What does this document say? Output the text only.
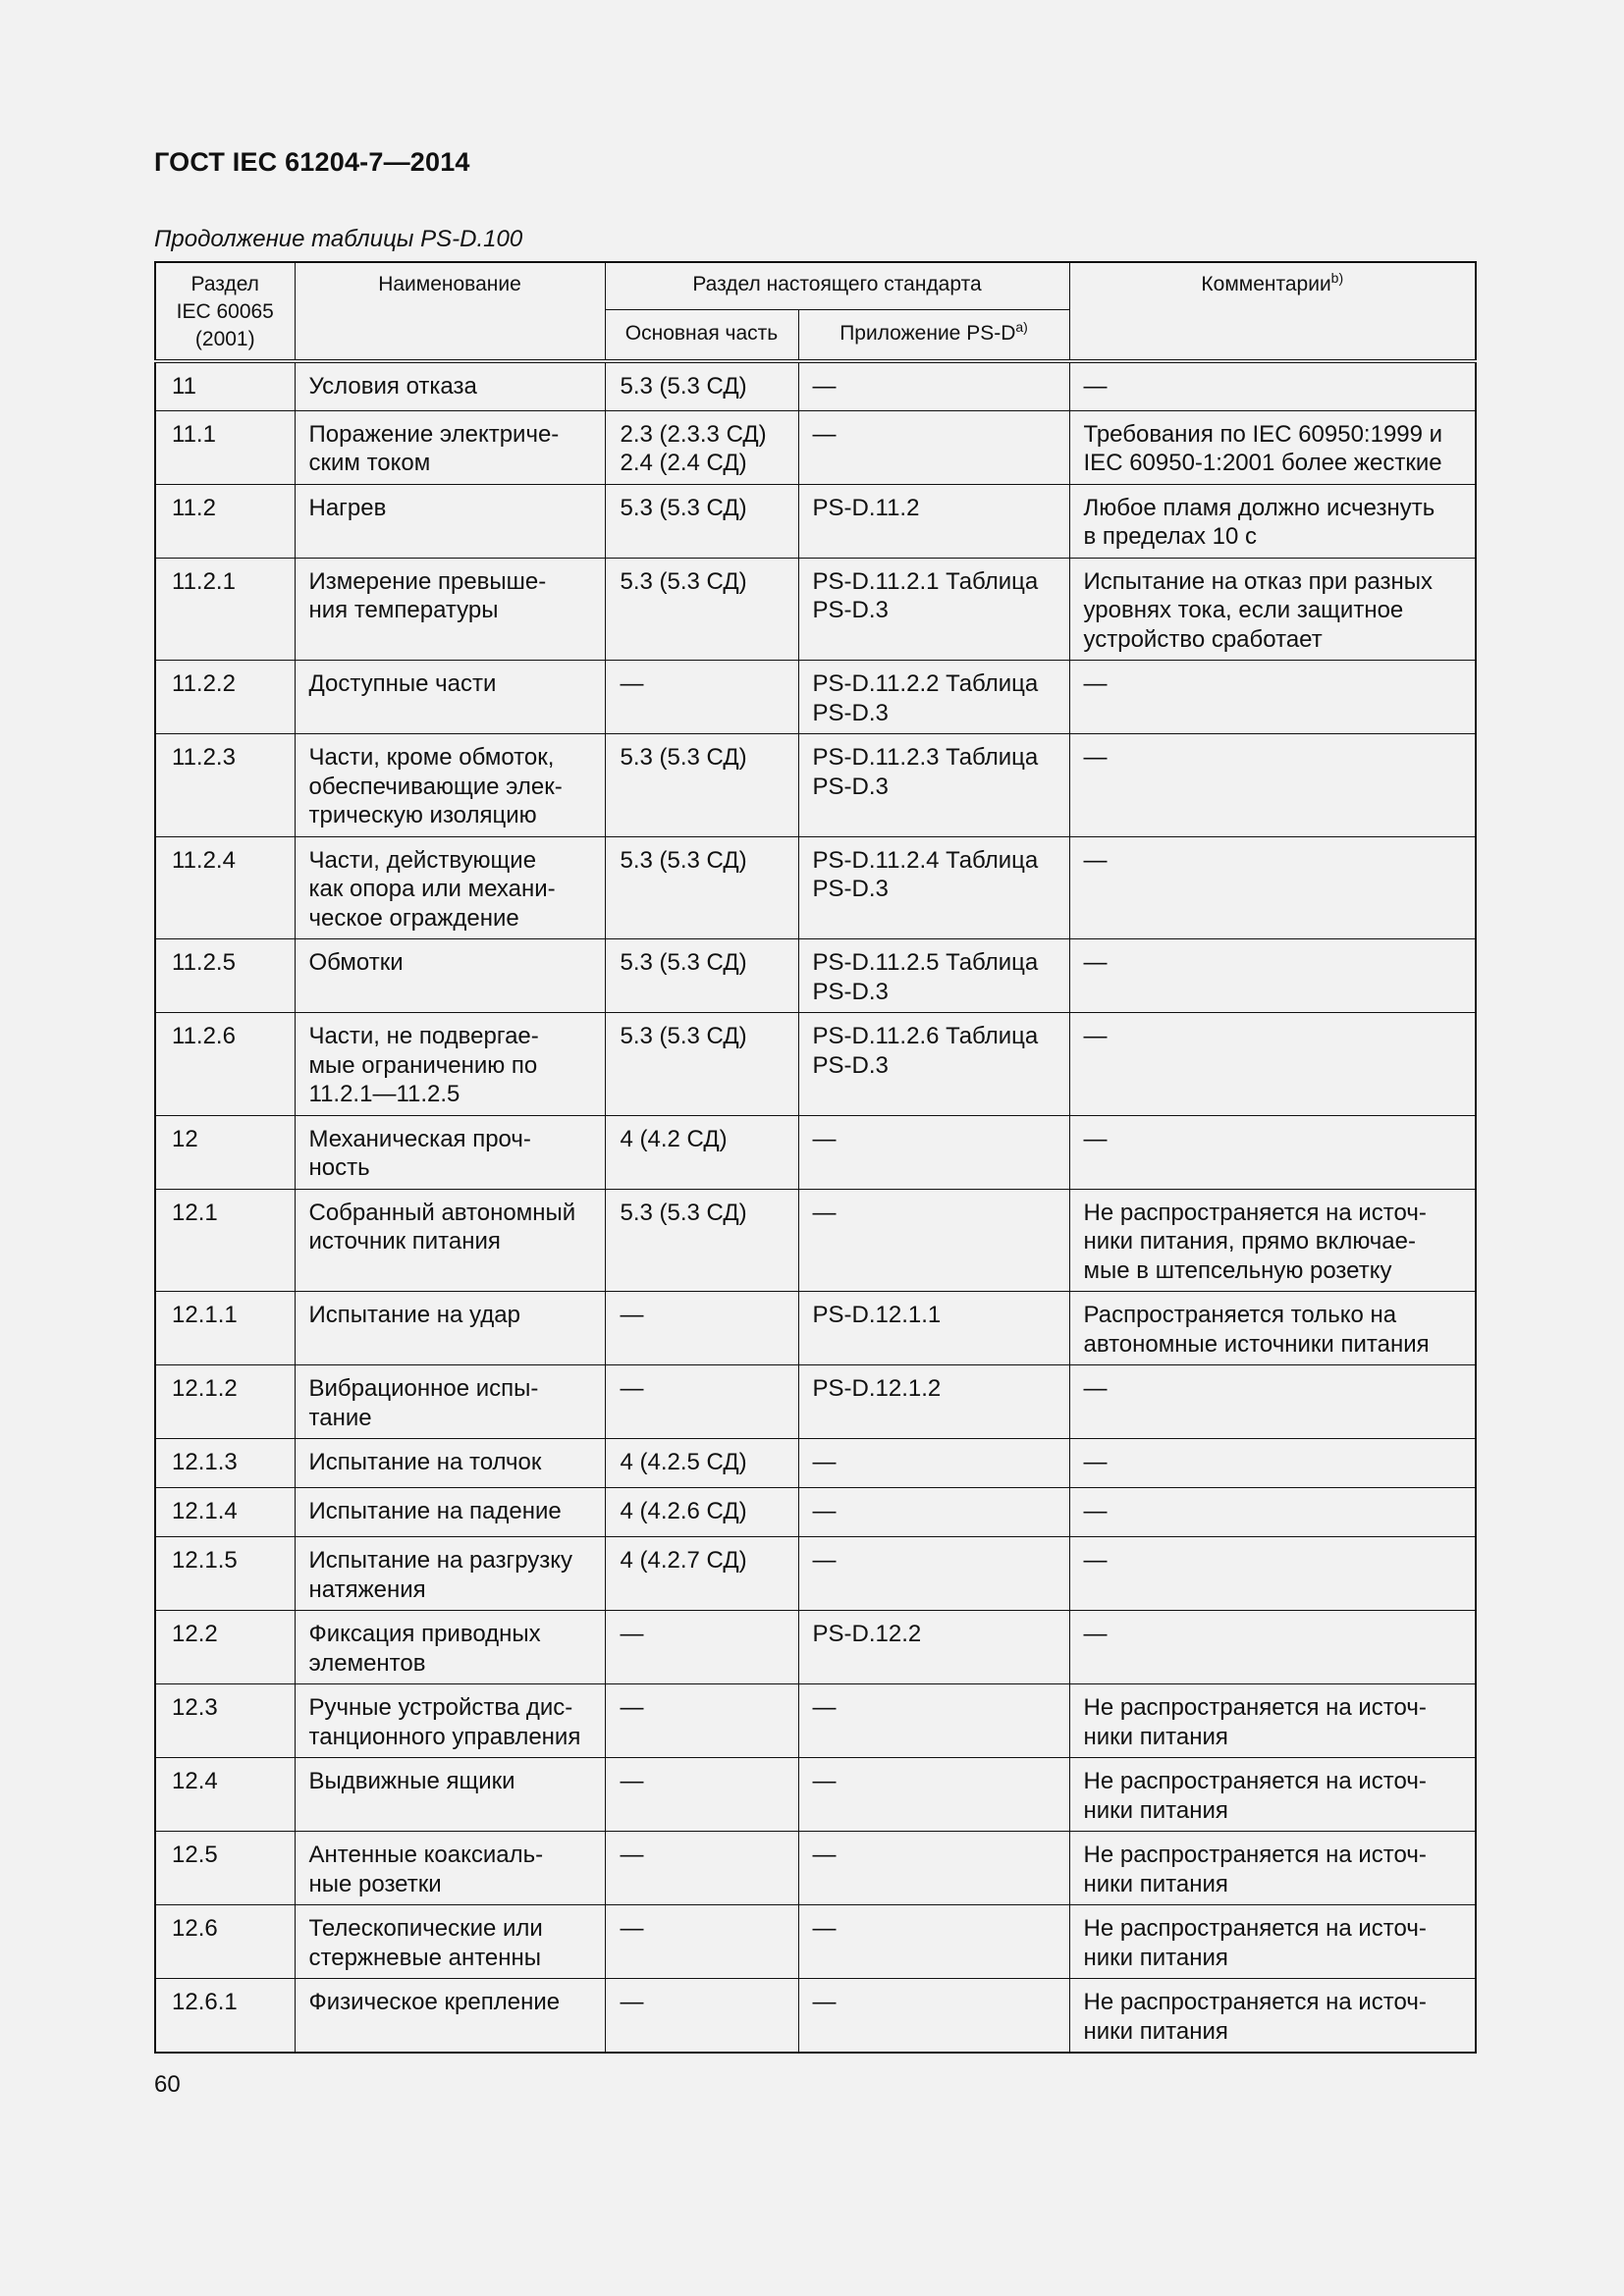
ГОСТ IEC 61204-7—2014
Продолжение таблицы PS-D.100
Раздел
IEC 60065
(2001)	Наименование	Раздел настоящего стандарта		Комментарии$^{b)}$
		Основная часть	Приложение $PS-D^{a)}$
11	Условия отказа	5.3 (5.3 СД)	—	—

11.1	Поражение электриче-
ским током	2.3 (2.3.3 СД)
2.4 (2.4 СД)	—	Требования по IEC 60950:1999 и
IEC 60950-1:2001 более жесткие

11.2	Нагрев	5.3 (5.3 СД)	PS-D.11.2	Любое пламя должно исчезнуть
в пределах 10 с

11.2.1	Измерение превыше-
ния температуры	5.3 (5.3 СД)	PS-D.11.2.1 Таблица
PS-D.3	Испытание на отказ при разных
уровнях тока, если защитное
устройство сработает

11.2.2	Доступные части	—	PS-D.11.2.2 Таблица
PS-D.3	—

11.2.3	Части, кроме обмоток,
обеспечивающие элек-
трическую изоляцию	5.3 (5.3 СД)	PS-D.11.2.3 Таблица
PS-D.3	—

11.2.4	Части, действующие
как опора или механи-
ческое ограждение	5.3 (5.3 СД)	PS-D.11.2.4 Таблица
PS-D.3	—

11.2.5	Обмотки	5.3 (5.3 СД)	PS-D.11.2.5 Таблица
PS-D.3	—

11.2.6	Части, не подвергае-
мые ограничению по
11.2.1—11.2.5	5.3 (5.3 СД)	PS-D.11.2.6 Таблица
PS-D.3	—

12	Механическая проч-
ность	4 (4.2 СД)	—	—

12.1	Собранный автономный
источник питания	5.3 (5.3 СД)	—	Не распространяется на источ-
ники питания, прямо включае-
мые в штепсельную розетку

12.1.1	Испытание на удар	—	PS-D.12.1.1	Распространяется только на
автономные источники питания

12.1.2	Вибрационное испы-
тание	—	PS-D.12.1.2	—

12.1.3	Испытание на толчок	4 (4.2.5 СД)	—	—

12.1.4	Испытание на падение	4 (4.2.6 СД)	—	—

12.1.5	Испытание на разгрузку
натяжения	4 (4.2.7 СД)	—	—

12.2	Фиксация приводных
элементов	—	PS-D.12.2	—

12.3	Ручные устройства дис-
танционного управления	—	—	Не распространяется на источ-
ники питания

12.4	Выдвижные ящики	—	—	Не распространяется на источ-
ники питания

12.5	Антенные коаксиаль-
ные розетки	—	—	Не распространяется на источ-
ники питания

12.6	Телескопические или
стержневые антенны	—	—	Не распространяется на источ-
ники питания

12.6.1	Физическое крепление	—	—	Не распространяется на источ-
ники питания
60
